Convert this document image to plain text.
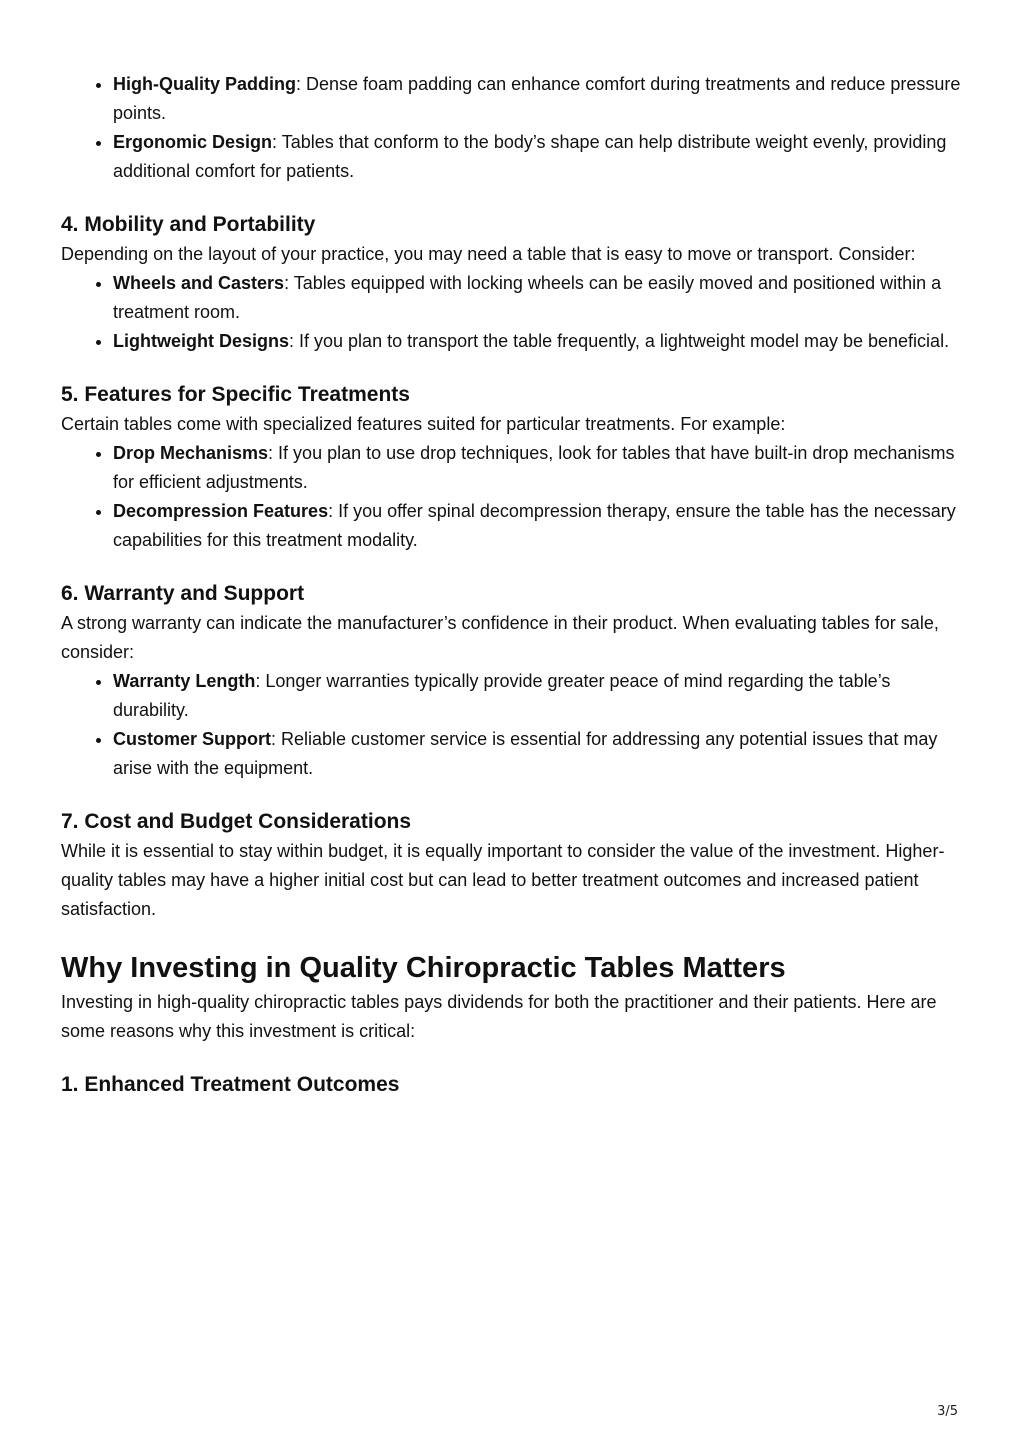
• High-Quality Padding: Dense foam padding can enhance comfort during treatments and reduce pressure points.
• Ergonomic Design: Tables that conform to the body’s shape can help distribute weight evenly, providing additional comfort for patients.
4. Mobility and Portability

Depending on the layout of your practice, you may need a table that is easy to move or transport. Consider:

• Wheels and Casters: Tables equipped with locking wheels can be easily moved and positioned within a treatment room.
• Lightweight Designs: If you plan to transport the table frequently, a lightweight model may be beneficial.
5. Features for Specific Treatments

Certain tables come with specialized features suited for particular treatments. For example:

• Drop Mechanisms: If you plan to use drop techniques, look for tables that have built-in drop mechanisms for efficient adjustments.
• Decompression Features: If you offer spinal decompression therapy, ensure the table has the necessary capabilities for this treatment modality.
6. Warranty and Support

A strong warranty can indicate the manufacturer’s confidence in their product. When evaluating tables for sale, consider:

• Warranty Length: Longer warranties typically provide greater peace of mind regarding the table’s durability.
• Customer Support: Reliable customer service is essential for addressing any potential issues that may arise with the equipment.
7. Cost and Budget Considerations

While it is essential to stay within budget, it is equally important to consider the value of the investment. Higher-quality tables may have a higher initial cost but can lead to better treatment outcomes and increased patient satisfaction.

Why Investing in Quality Chiropractic Tables Matters

Investing in high-quality chiropractic tables pays dividends for both the practitioner and their patients. Here are some reasons why this investment is critical:

1. Enhanced Treatment Outcomes
3/5
